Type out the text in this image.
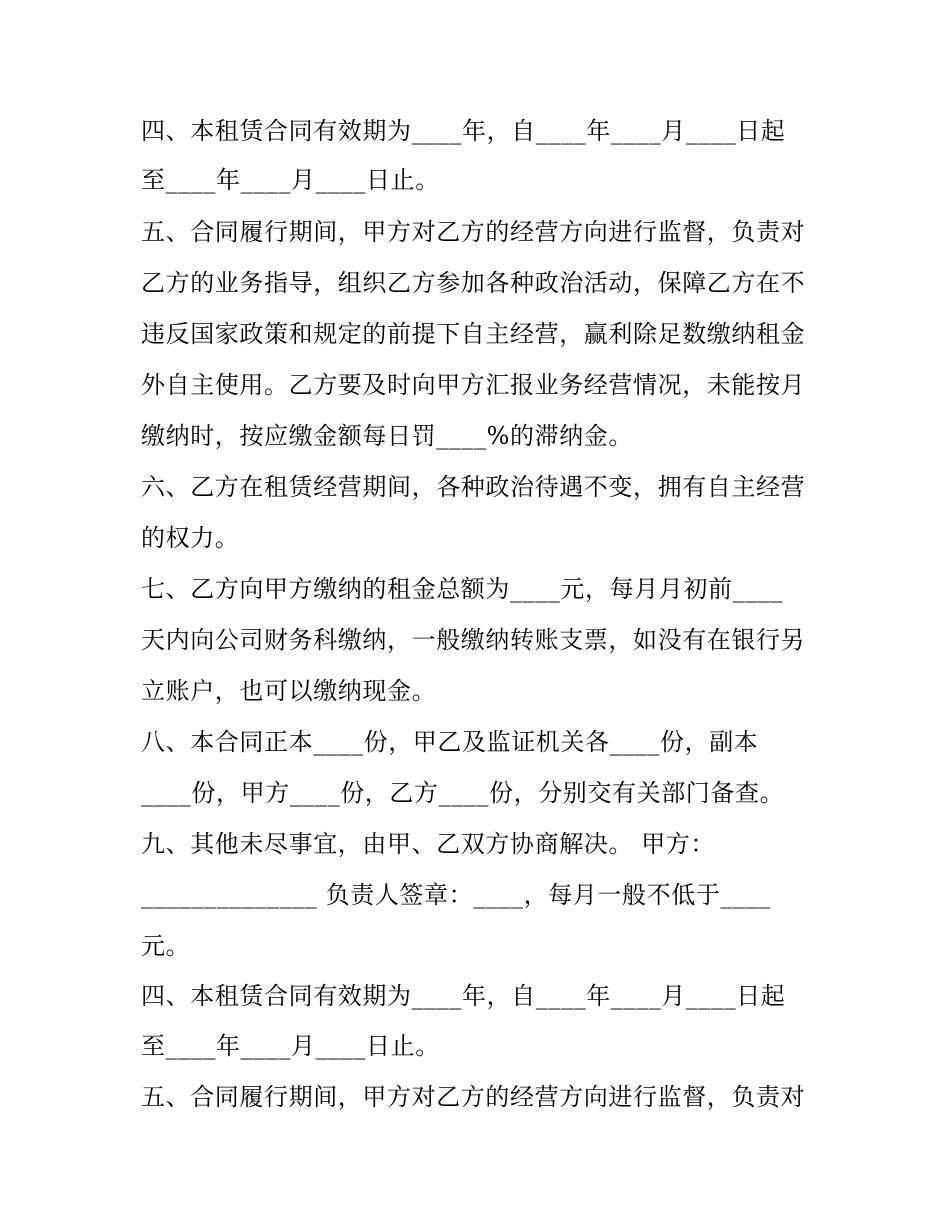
四、本租赁合同有效期为____年，自____年____月____日起
至____年____月____日止。
五、合同履行期间，甲方对乙方的经营方向进行监督，负责对
乙方的业务指导，组织乙方参加各种政治活动，保障乙方在不
违反国家政策和规定的前提下自主经营，赢利除足数缴纳租金
外自主使用。乙方要及时向甲方汇报业务经营情况，未能按月
缴纳时，按应缴金额每日罚____%的滞纳金。
六、乙方在租赁经营期间，各种政治待遇不变，拥有自主经营
的权力。
七、乙方向甲方缴纳的租金总额为____元，每月月初前____
天内向公司财务科缴纳，一般缴纳转账支票，如没有在银行另
立账户，也可以缴纳现金。
八、本合同正本____份，甲乙及监证机关各____份，副本
____份，甲方____份，乙方____份，分别交有关部门备查。
九、其他未尽事宜，由甲、乙双方协商解决。 甲方：
______________ 负责人签章：____，每月一般不低于____
元。
四、本租赁合同有效期为____年，自____年____月____日起
至____年____月____日止。
五、合同履行期间，甲方对乙方的经营方向进行监督，负责对
